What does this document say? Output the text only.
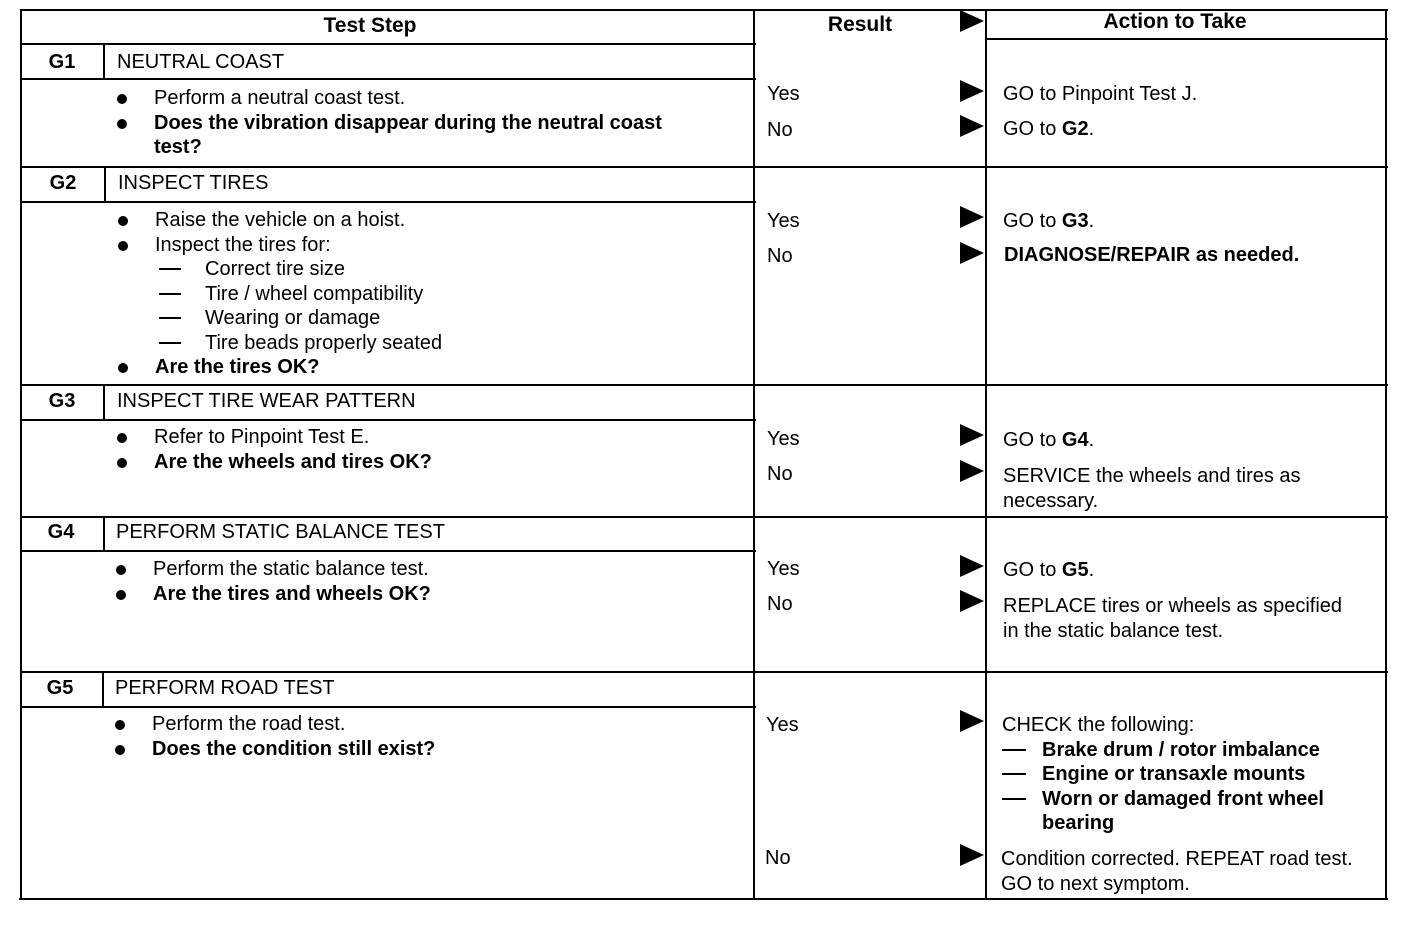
Test Step	Result	Action to Take
G1	NEUTRAL COAST
Perform a neutral coast test.
Does the vibration disappear during the neutral coast test?
Yes	GO to Pinpoint Test J.
No	GO to G2.
G2	INSPECT TIRES
Raise the vehicle on a hoist.
Inspect the tires for:
Correct tire size
Tire / wheel compatibility
Wearing or damage
Tire beads properly seated
Are the tires OK?
Yes	GO to G3.
No	DIAGNOSE/REPAIR as needed.
G3	INSPECT TIRE WEAR PATTERN
Refer to Pinpoint Test E.
Are the wheels and tires OK?
Yes	GO to G4.
No	SERVICE the wheels and tires as necessary.
G4	PERFORM STATIC BALANCE TEST
Perform the static balance test.
Are the tires and wheels OK?
Yes	GO to G5.
No	REPLACE tires or wheels as specified in the static balance test.
G5	PERFORM ROAD TEST
Perform the road test.
Does the condition still exist?
Yes	CHECK the following:
Brake drum / rotor imbalance
Engine or transaxle mounts
Worn or damaged front wheel bearing
No	Condition corrected. REPEAT road test. GO to next symptom.
